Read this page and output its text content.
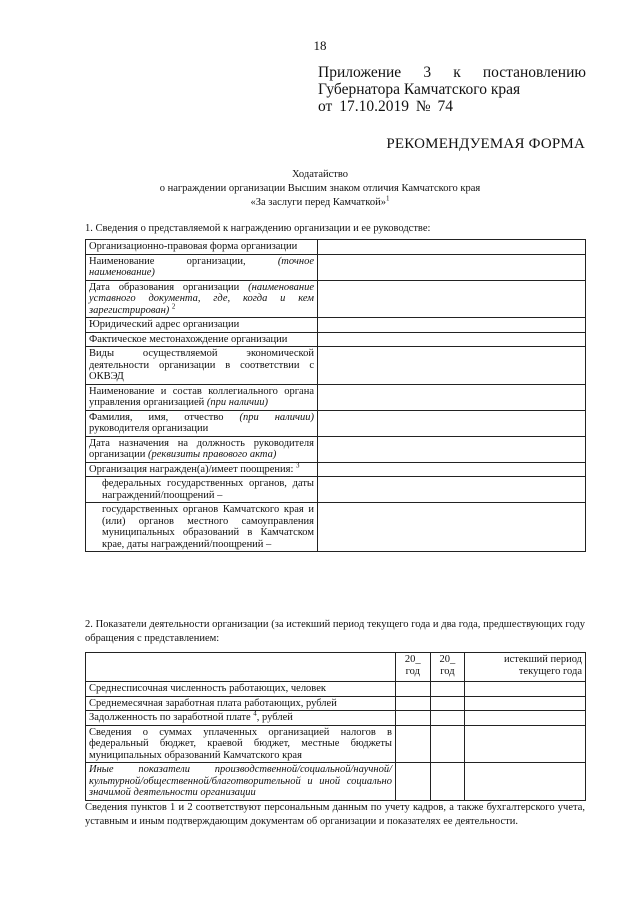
18
Приложение 3 к постановлению
Губернатора Камчатского края
от 17.10.2019 № 74
РЕКОМЕНДУЕМАЯ ФОРМА
Ходатайство
о награждении организации Высшим знаком отличия Камчатского края
«За заслуги перед Камчаткой»$^1$
1. Сведения о представляемой к награждению организации и ее руководстве:
Организационно-правовая форма организации	
Наименование организации, (точное наименование)	
Дата образования организации (наименование уставного документа, где, когда и кем зарегистрирован) $^2$	
Юридический адрес организации	
Фактическое местонахождение организации	
Виды осуществляемой экономической деятельности организации в соответствии с ОКВЭД	
Наименование и состав коллегиального органа управления организацией (при наличии)	
Фамилия, имя, отчество (при наличии) руководителя организации	
Дата назначения на должность руководителя организации (реквизиты правового акта)	
Организация награжден(а)/имеет поощрения: $^3$	
федеральных государственных органов, даты награждений/поощрений –	
государственных органов Камчатского края и (или) органов местного самоуправления муниципальных образований в Камчатском крае, даты награждений/поощрений –	
2. Показатели деятельности организации (за истекший период текущего года и два года, предшествующих году обращения с представлением:
	20_ год	20_ год	истекший период текущего года
Среднесписочная численность работающих, человек			
Среднемесячная заработная плата работающих, рублей			
Задолженность по заработной плате $^4$, рублей			
Сведения о суммах уплаченных организацией налогов в федеральный бюджет, краевой бюджет, местные бюджеты муниципальных образований Камчатского края			
Иные показатели производственной/социальной/научной/культурной/общественной/благотворительной и иной социально значимой деятельности организации			
Сведения пунктов 1 и 2 соответствуют персональным данным по учету кадров, а также бухгалтерского учета, уставным и иным подтверждающим документам об организации и показателях ее деятельности.
